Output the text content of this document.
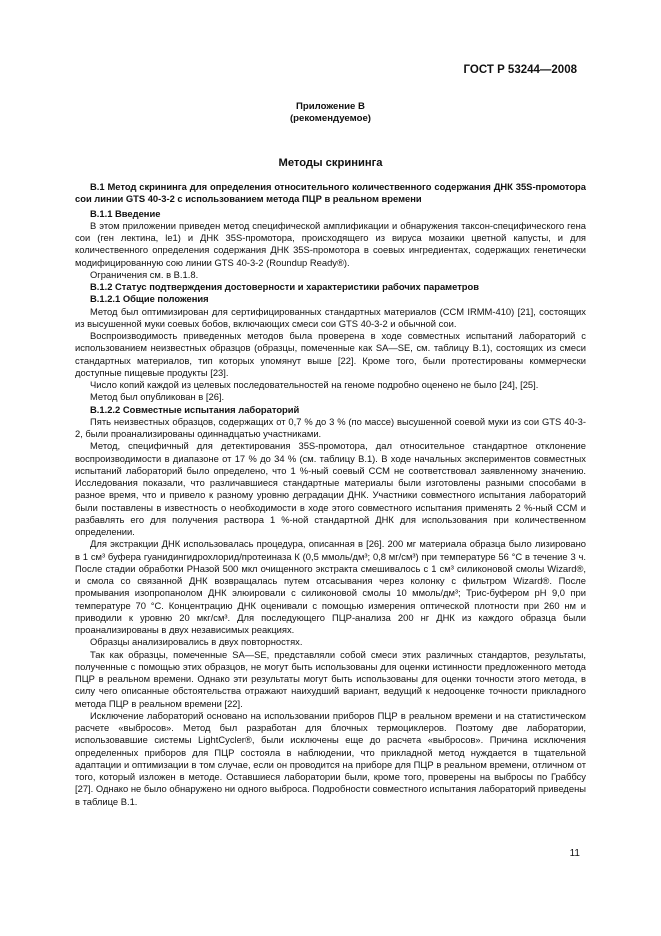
ГОСТ Р 53244—2008
Приложение В
(рекомендуемое)
Методы скрининга

В.1 Метод скрининга для определения относительного количественного содержания ДНК 35S-промотора сои линии GTS 40-3-2 с использованием метода ПЦР в реальном времени

В.1.1 Введение

В этом приложении приведен метод специфической амплификации и обнаружения таксон-специфического гена сои (ген лектина, le1) и ДНК 35S-промотора, происходящего из вируса мозаики цветной капусты, и для количественного определения содержания ДНК 35S-промотора в соевых ингредиентах, содержащих генетически модифицированную сою линии GTS 40-3-2 (Roundup Ready®).

Ограничения см. в В.1.8.

В.1.2 Статус подтверждения достоверности и характеристики рабочих параметров

В.1.2.1 Общие положения

Метод был оптимизирован для сертифицированных стандартных материалов (ССМ IRMM-410) [21], состоящих из высушенной муки соевых бобов, включающих смеси сои GTS 40-3-2 и обычной сои.

Воспроизводимость приведенных методов была проверена в ходе совместных испытаний лабораторий с использованием неизвестных образцов (образцы, помеченные как SA—SE, см. таблицу В.1), состоящих из смеси стандартных материалов, тип которых упомянут выше [22]. Кроме того, были протестированы коммерчески доступные пищевые продукты [23].

Число копий каждой из целевых последовательностей на геноме подробно оценено не было [24], [25].

Метод был опубликован в [26].

В.1.2.2 Совместные испытания лабораторий

Пять неизвестных образцов, содержащих от 0,7 % до 3 % (по массе) высушенной соевой муки из сои GTS 40-3-2, были проанализированы одиннадцатью участниками.

Метод, специфичный для детектирования 35S-промотора, дал относительное стандартное отклонение воспроизводимости в диапазоне от 17 % до 34 % (см. таблицу В.1). В ходе начальных экспериментов совместных испытаний лабораторий было определено, что 1 %-ный соевый ССМ не соответствовал заявленному значению. Исследования показали, что различавшиеся стандартные материалы были изготовлены разными способами в разное время, что и привело к разному уровню деградации ДНК. Участники совместного испытания лабораторий были поставлены в известность о необходимости в ходе этого совместного испытания применять 2 %-ный ССМ и разбавлять его для получения раствора 1 %-ной стандартной ДНК для использования при количественном определении.

Для экстракции ДНК использовалась процедура, описанная в [26]. 200 мг материала образца было лизировано в 1 см³ буфера гуанидингидрохлорид/протеиназа К (0,5 ммоль/дм³; 0,8 мг/см³) при температуре 56 °С в течение 3 ч. После стадии обработки РНазой 500 мкл очищенного экстракта смешивалось с 1 см³ силиконовой смолы Wizard®, и смола со связанной ДНК возвращалась путем отсасывания через колонку с фильтром Wizard®. После промывания изопропанолом ДНК элюировали с силиконовой смолы 10 ммоль/дм³; Трис-буфером рН 9,0 при температуре 70 °С. Концентрацию ДНК оценивали с помощью измерения оптической плотности при 260 нм и приводили к уровню 20 мкг/см³. Для последующего ПЦР-анализа 200 нг ДНК из каждого образца были проанализированы в двух независимых реакциях.

Образцы анализировались в двух повторностях.

Так как образцы, помеченные SA—SE, представляли собой смеси этих различных стандартов, результаты, полученные с помощью этих образцов, не могут быть использованы для оценки истинности предложенного метода ПЦР в реальном времени. Однако эти результаты могут быть использованы для оценки точности этого метода, в силу чего описанные обстоятельства отражают наихудший вариант, ведущий к недооценке точности прикладного метода ПЦР в реальном времени [22].

Исключение лабораторий основано на использовании приборов ПЦР в реальном времени и на статистическом расчете «выбросов». Метод был разработан для блочных термоциклеров. Поэтому две лаборатории, использовавшие системы LightCycler®, были исключены еще до расчета «выбросов». Причина исключения определенных приборов для ПЦР состояла в наблюдении, что прикладной метод нуждается в тщательной адаптации и оптимизации в том случае, если он проводится на приборе для ПЦР в реальном времени, отличном от того, который изложен в методе. Оставшиеся лаборатории были, кроме того, проверены на выбросы по Граббсу [27]. Однако не было обнаружено ни одного выброса. Подробности совместного испытания лабораторий приведены в таблице В.1.

11
